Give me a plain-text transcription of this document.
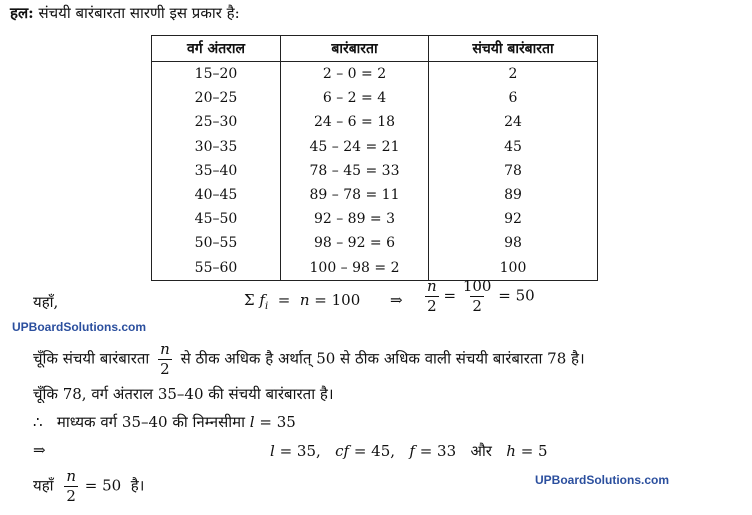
हल: संचयी बारंबारता सारणी इस प्रकार है:
वर्ग अंतराल	बारंबारता	संचयी बारंबारता
15–20	2 – 0 = 2	2
20–25	6 – 2 = 4	6
25–30	24 – 6 = 18	24
30–35	45 – 24 = 21	45
35–40	78 – 45 = 33	78
40–45	89 – 78 = 11	89
45–50	92 – 89 = 3	92
50–55	98 – 92 = 6	98
55–60	100 – 98 = 2	100
यहाँ,	Σ $f_i = n = 100$ ⇒ $\frac{n}{2} = \frac{100}{2} = 50$
UPBoardSolutions.com
चूँकि संचयी बारंबारता $\frac{n}{2}$ से ठीक अधिक है अर्थात् 50 से ठीक अधिक वाली संचयी बारंबारता 78 है।
चूँकि 78, वर्ग अंतराल 35–40 की संचयी बारंबारता है।
∴ माध्यक वर्ग 35–40 की निम्नसीमा l = 35
⇒	l = 35, cf = 45, f = 33 और h = 5
UPBoardSolutions.com
यहाँ $\frac{n}{2} = 50$ है।
